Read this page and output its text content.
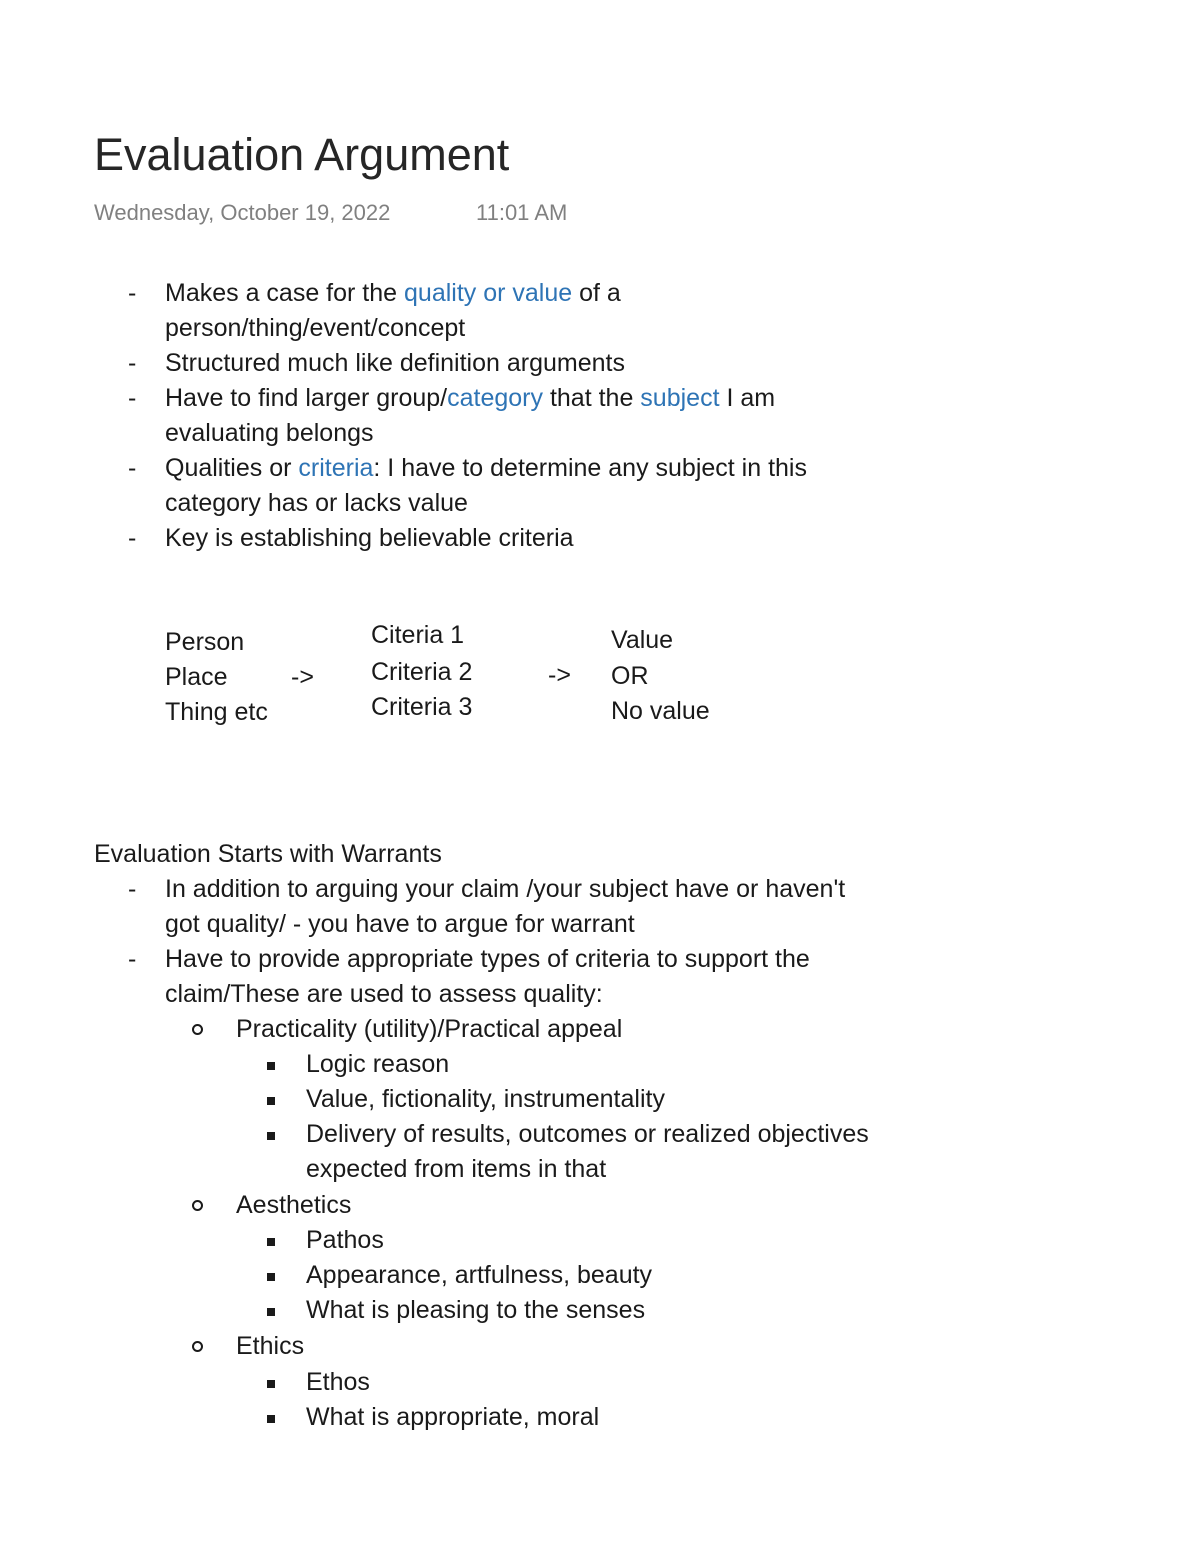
Evaluation Argument
Wednesday, October 19, 2022	11:01 AM
- Makes a case for the quality or value of a
person/thing/event/concept
- Structured much like definition arguments
- Have to find larger group/category that the subject I am
evaluating belongs
- Qualities or criteria: I have to determine any subject in this
category has or lacks value
- Key is establishing believable criteria
Person
Place
Thing etc
->
Citeria 1
Criteria 2
Criteria 3
->
Value
OR
No value
Evaluation Starts with Warrants
- In addition to arguing your claim /your subject have or haven't
got quality/ - you have to argue for warrant
- Have to provide appropriate types of criteria to support the
claim/These are used to assess quality:
Practicality (utility)/Practical appeal
Logic reason
Value, fictionality, instrumentality
Delivery of results, outcomes or realized objectives
expected from items in that
Aesthetics
Pathos
Appearance, artfulness, beauty
What is pleasing to the senses
Ethics
Ethos
What is appropriate, moral
